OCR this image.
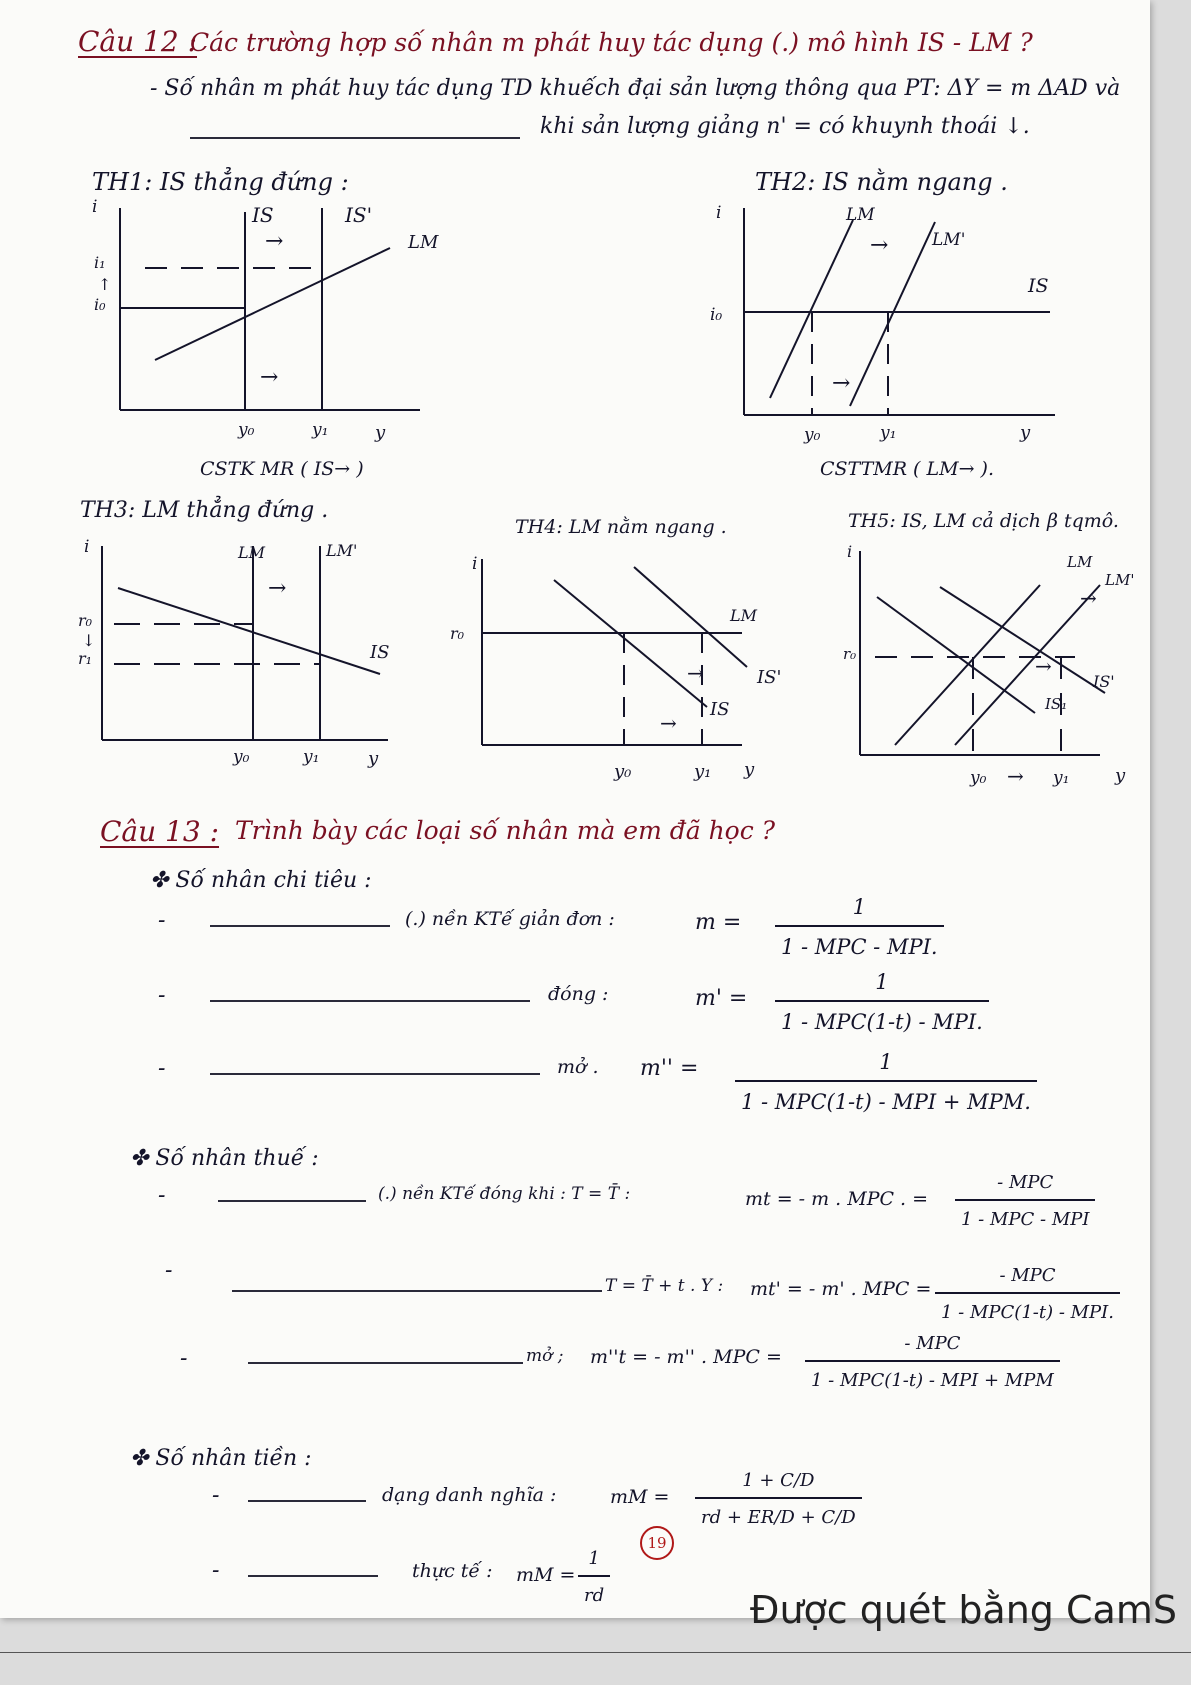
Câu 12 :
Các trường hợp số nhân m phát huy tác dụng (.) mô hình IS - LM ?
- Số nhân m phát huy tác dụng TD khuếch đại sản lượng thông qua PT: ΔY = m ΔAD và
khi sản lượng giảng n' = có khuynh thoái ↓.
TH1: IS thẳng đứng :	TH2: IS nằm ngang .
i
i₁
↑
i₀
IS	IS'
LM
→
→
y₀	y₁	y
CSTK MR ( IS→ )
i
i₀
LM
LM'
IS
→
→
y₀	y₁	y
CSTTMR ( LM→ ).
TH3: LM thẳng đứng .
TH4: LM nằm ngang .	TH5: IS, LM cả dịch β tqmô.
i
r₀
↓
r₁
LM	LM'
IS
→
y₀	y₁	y
i
r₀
LM
IS
IS'
→
→
y₀	y₁ y
i
r₀
LM
LM'
IS'
IS₁
→
→
y₀ → y₁	y
Câu 13 : Trình bày các loại số nhân mà em đã học ?
✤ Số nhân chi tiêu :
-	(.) nền KTế giản đơn :	m =
1
1 - MPC - MPI.
-	đóng :	m' =
1
1 - MPC(1-t) - MPI.
-	mở . m'' =	1
1 - MPC(1-t) - MPI + MPM.
✤ Số nhân thuế :
-	(.) nền KTế đóng khi : T = T̄ :	mt = - m . MPC . =
- MPC
1 - MPC - MPI
-
T = T̄ + t . Y : mt' = - m' . MPC =
- MPC
1 - MPC(1-t) - MPI.
-	mở ; m''t = - m'' . MPC =
- MPC
1 - MPC(1-t) - MPI + MPM
✤ Số nhân tiền :
-	dạng danh nghĩa :	mM =
1 + C/D
rd + ER/D + C/D
-	thực tế : mM =
1
rd
19
Được quét bằng CamS
